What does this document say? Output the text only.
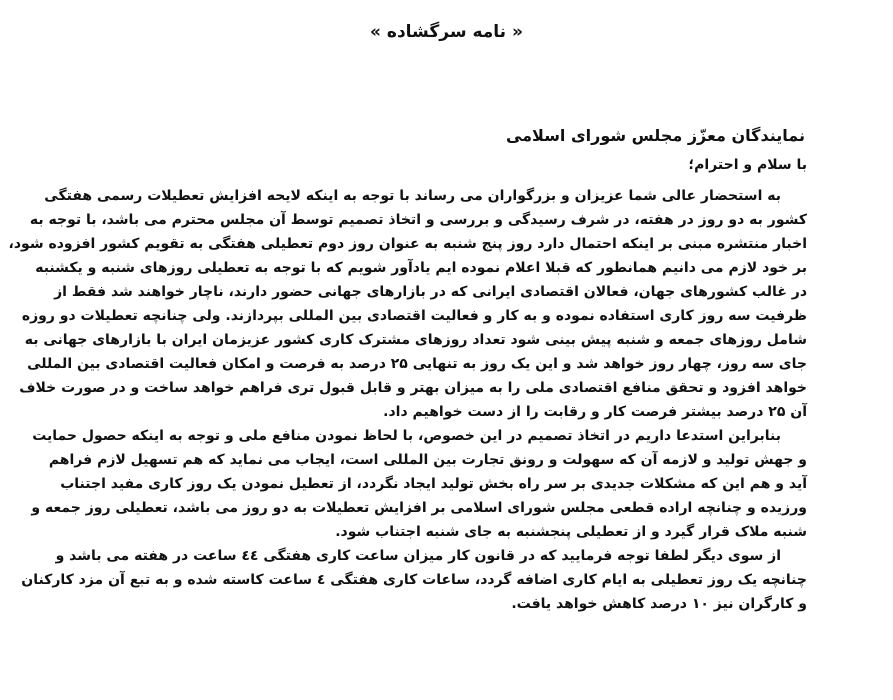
« نامه سرگشاده »
نمایندگان معزّز مجلس شورای اسلامی
با سلام و احترام؛
به استحضار عالی شما عزیزان و بزرگواران می رساند با توجه به اینکه لایحه افزایش تعطیلات رسمی هفتگی
کشور به دو روز در هفته، در شرف رسیدگی و بررسی و اتخاذ تصمیم توسط آن مجلس محترم می باشد، با توجه به
اخبار منتشره مبنی بر اینکه احتمال دارد روز پنج شنبه به عنوان روز دوم تعطیلی هفتگی به تقویم کشور افزوده شود،
بر خود لازم می دانیم همانطور که قبلا اعلام نموده ایم یادآور شویم که با توجه به تعطیلی روزهای شنبه و یکشنبه
در غالب کشورهای جهان، فعالان اقتصادی ایرانی که در بازارهای جهانی حضور دارند، ناچار خواهند شد فقط از
ظرفیت سه روز کاری استفاده نموده و به کار و فعالیت اقتصادی بین المللی بپردازند. ولی چنانچه تعطیلات دو روزه
شامل روزهای جمعه و شنبه پیش بینی شود تعداد روزهای مشترک کاری کشور عزیزمان ایران با بازارهای جهانی به
جای سه روز، چهار روز خواهد شد و این یک روز به تنهایی ۲۵ درصد به فرصت و امکان فعالیت اقتصادی بین المللی
خواهد افزود و تحقق منافع اقتصادی ملی را به میزان بهتر و قابل قبول تری فراهم خواهد ساخت و در صورت خلاف
آن ۲۵ درصد بیشتر فرصت کار و رقابت را از دست خواهیم داد.
بنابراین استدعا داریم در اتخاذ تصمیم در این خصوص، با لحاظ نمودن منافع ملی و توجه به اینکه حصول حمایت
و جهش تولید و لازمه آن که سهولت و رونق تجارت بین المللی است، ایجاب می نماید که هم تسهیل لازم فراهم
آید و هم این که مشکلات جدیدی بر سر راه بخش تولید ایجاد نگردد، از تعطیل نمودن یک روز کاری مفید اجتناب
ورزیده و چنانچه اراده قطعی مجلس شورای اسلامی بر افزایش تعطیلات به دو روز می باشد، تعطیلی روز جمعه و
شنبه ملاک قرار گیرد و از تعطیلی پنجشنبه به جای شنبه اجتناب شود.
از سوی دیگر لطفا توجه فرمایید که در قانون کار میزان ساعت کاری هفتگی ٤٤ ساعت در هفته می باشد و
چنانچه یک روز تعطیلی به ایام کاری اضافه گردد، ساعات کاری هفتگی ٤ ساعت کاسته شده و به تبع آن مزد کارکنان
و کارگران نیز ۱۰ درصد کاهش خواهد یافت.
